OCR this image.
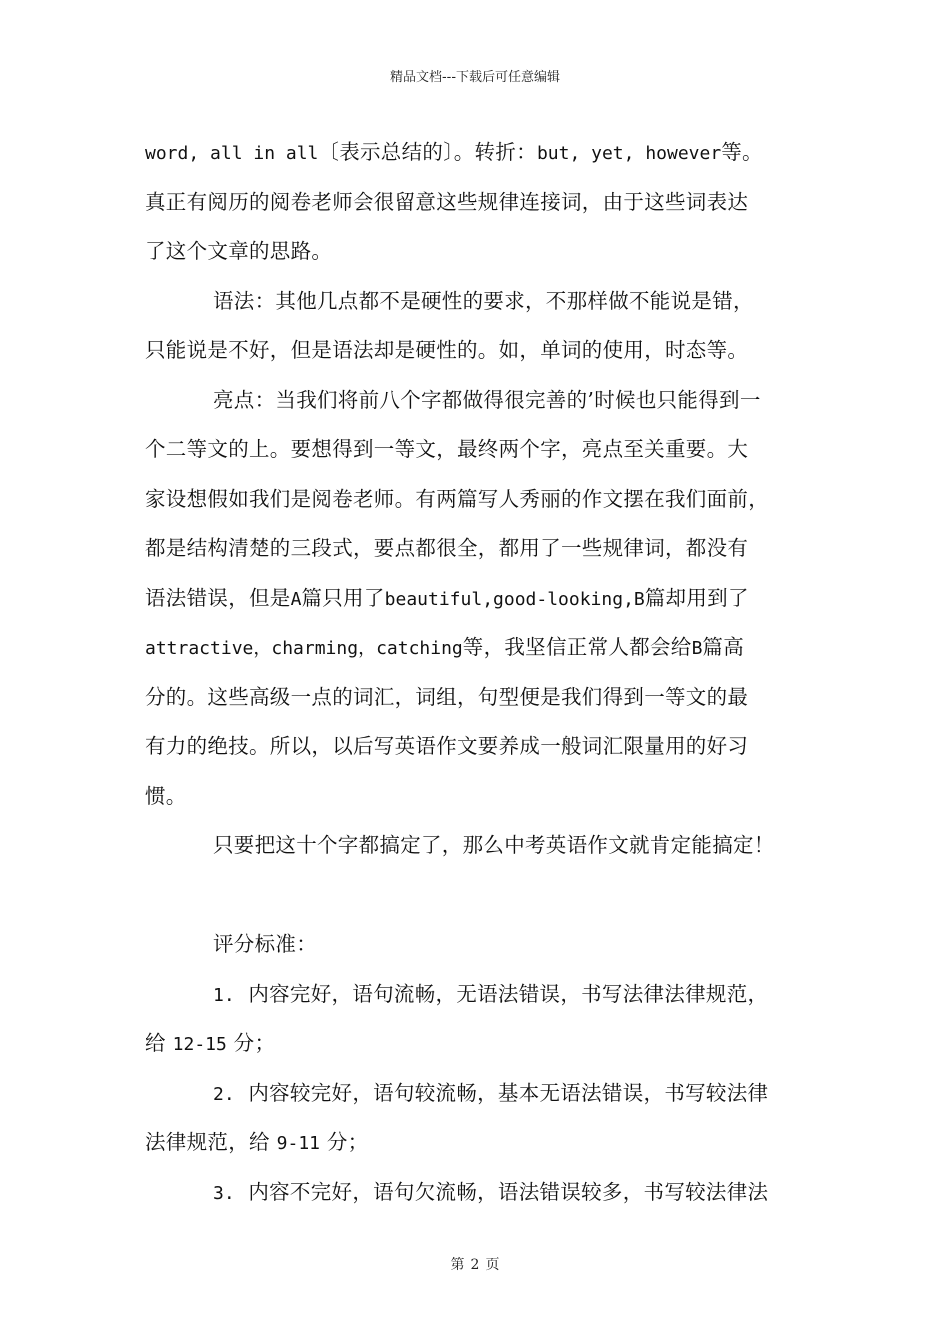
精品文档---下载后可任意编辑
word, all in all〔表示总结的〕。转折：but, yet, however等。
真正有阅历的阅卷老师会很留意这些规律连接词，由于这些词表达
了这个文章的思路。
语法：其他几点都不是硬性的要求，不那样做不能说是错，
只能说是不好，但是语法却是硬性的。如，单词的使用，时态等。
亮点：当我们将前八个字都做得很完善的’时候也只能得到一
个二等文的上。要想得到一等文，最终两个字，亮点至关重要。大
家设想假如我们是阅卷老师。有两篇写人秀丽的作文摆在我们面前，
都是结构清楚的三段式，要点都很全，都用了一些规律词，都没有
语法错误，但是A篇只用了beautiful,good-looking,B篇却用到了
attractive，charming，catching等，我坚信正常人都会给B篇高
分的。这些高级一点的词汇，词组，句型便是我们得到一等文的最
有力的绝技。所以，以后写英语作文要养成一般词汇限量用的好习
惯。
只要把这十个字都搞定了，那么中考英语作文就肯定能搞定！
评分标准：
1. 内容完好，语句流畅，无语法错误，书写法律法律规范，
给 12-15 分；
2. 内容较完好，语句较流畅，基本无语法错误，书写较法律
法律规范，给 9-11 分；
3. 内容不完好，语句欠流畅，语法错误较多，书写较法律法
第 2 页
